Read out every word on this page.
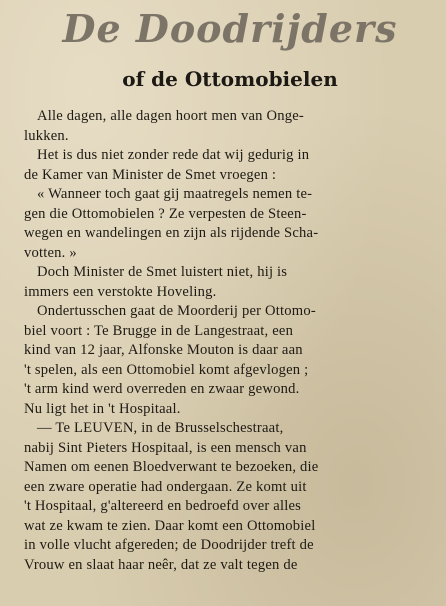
De Doodrijders
of de Ottomobielen
Alle dagen, alle dagen hoort men van Onge-
lukken.
Het is dus niet zonder rede dat wij gedurig in
de Kamer van Minister de Smet vroegen :
« Wanneer toch gaat gij maatregels nemen te-
gen die Ottomobielen ? Ze verpesten de Steen-
wegen en wandelingen en zijn als rijdende Scha-
votten. »
Doch Minister de Smet luistert niet, hij is
immers een verstokte Hoveling.
Ondertusschen gaat de Moorderij per Ottomo-
biel voort : Te Brugge in de Langestraat, een
kind van 12 jaar, Alfonske Mouton is daar aan
't spelen, als een Ottomobiel komt afgevlogen ;
't arm kind werd overreden en zwaar gewond.
Nu ligt het in 't Hospitaal.
— Te LEUVEN, in de Brusselschestraat,
nabij Sint Pieters Hospitaal, is een mensch van
Namen om eenen Bloedverwant te bezoeken, die
een zware operatie had ondergaan. Ze komt uit
't Hospitaal, g'altereerd en bedroefd over alles
wat ze kwam te zien. Daar komt een Ottomobiel
in volle vlucht afgereden; de Doodrijder treft de
Vrouw en slaat haar neêr, dat ze valt tegen de
